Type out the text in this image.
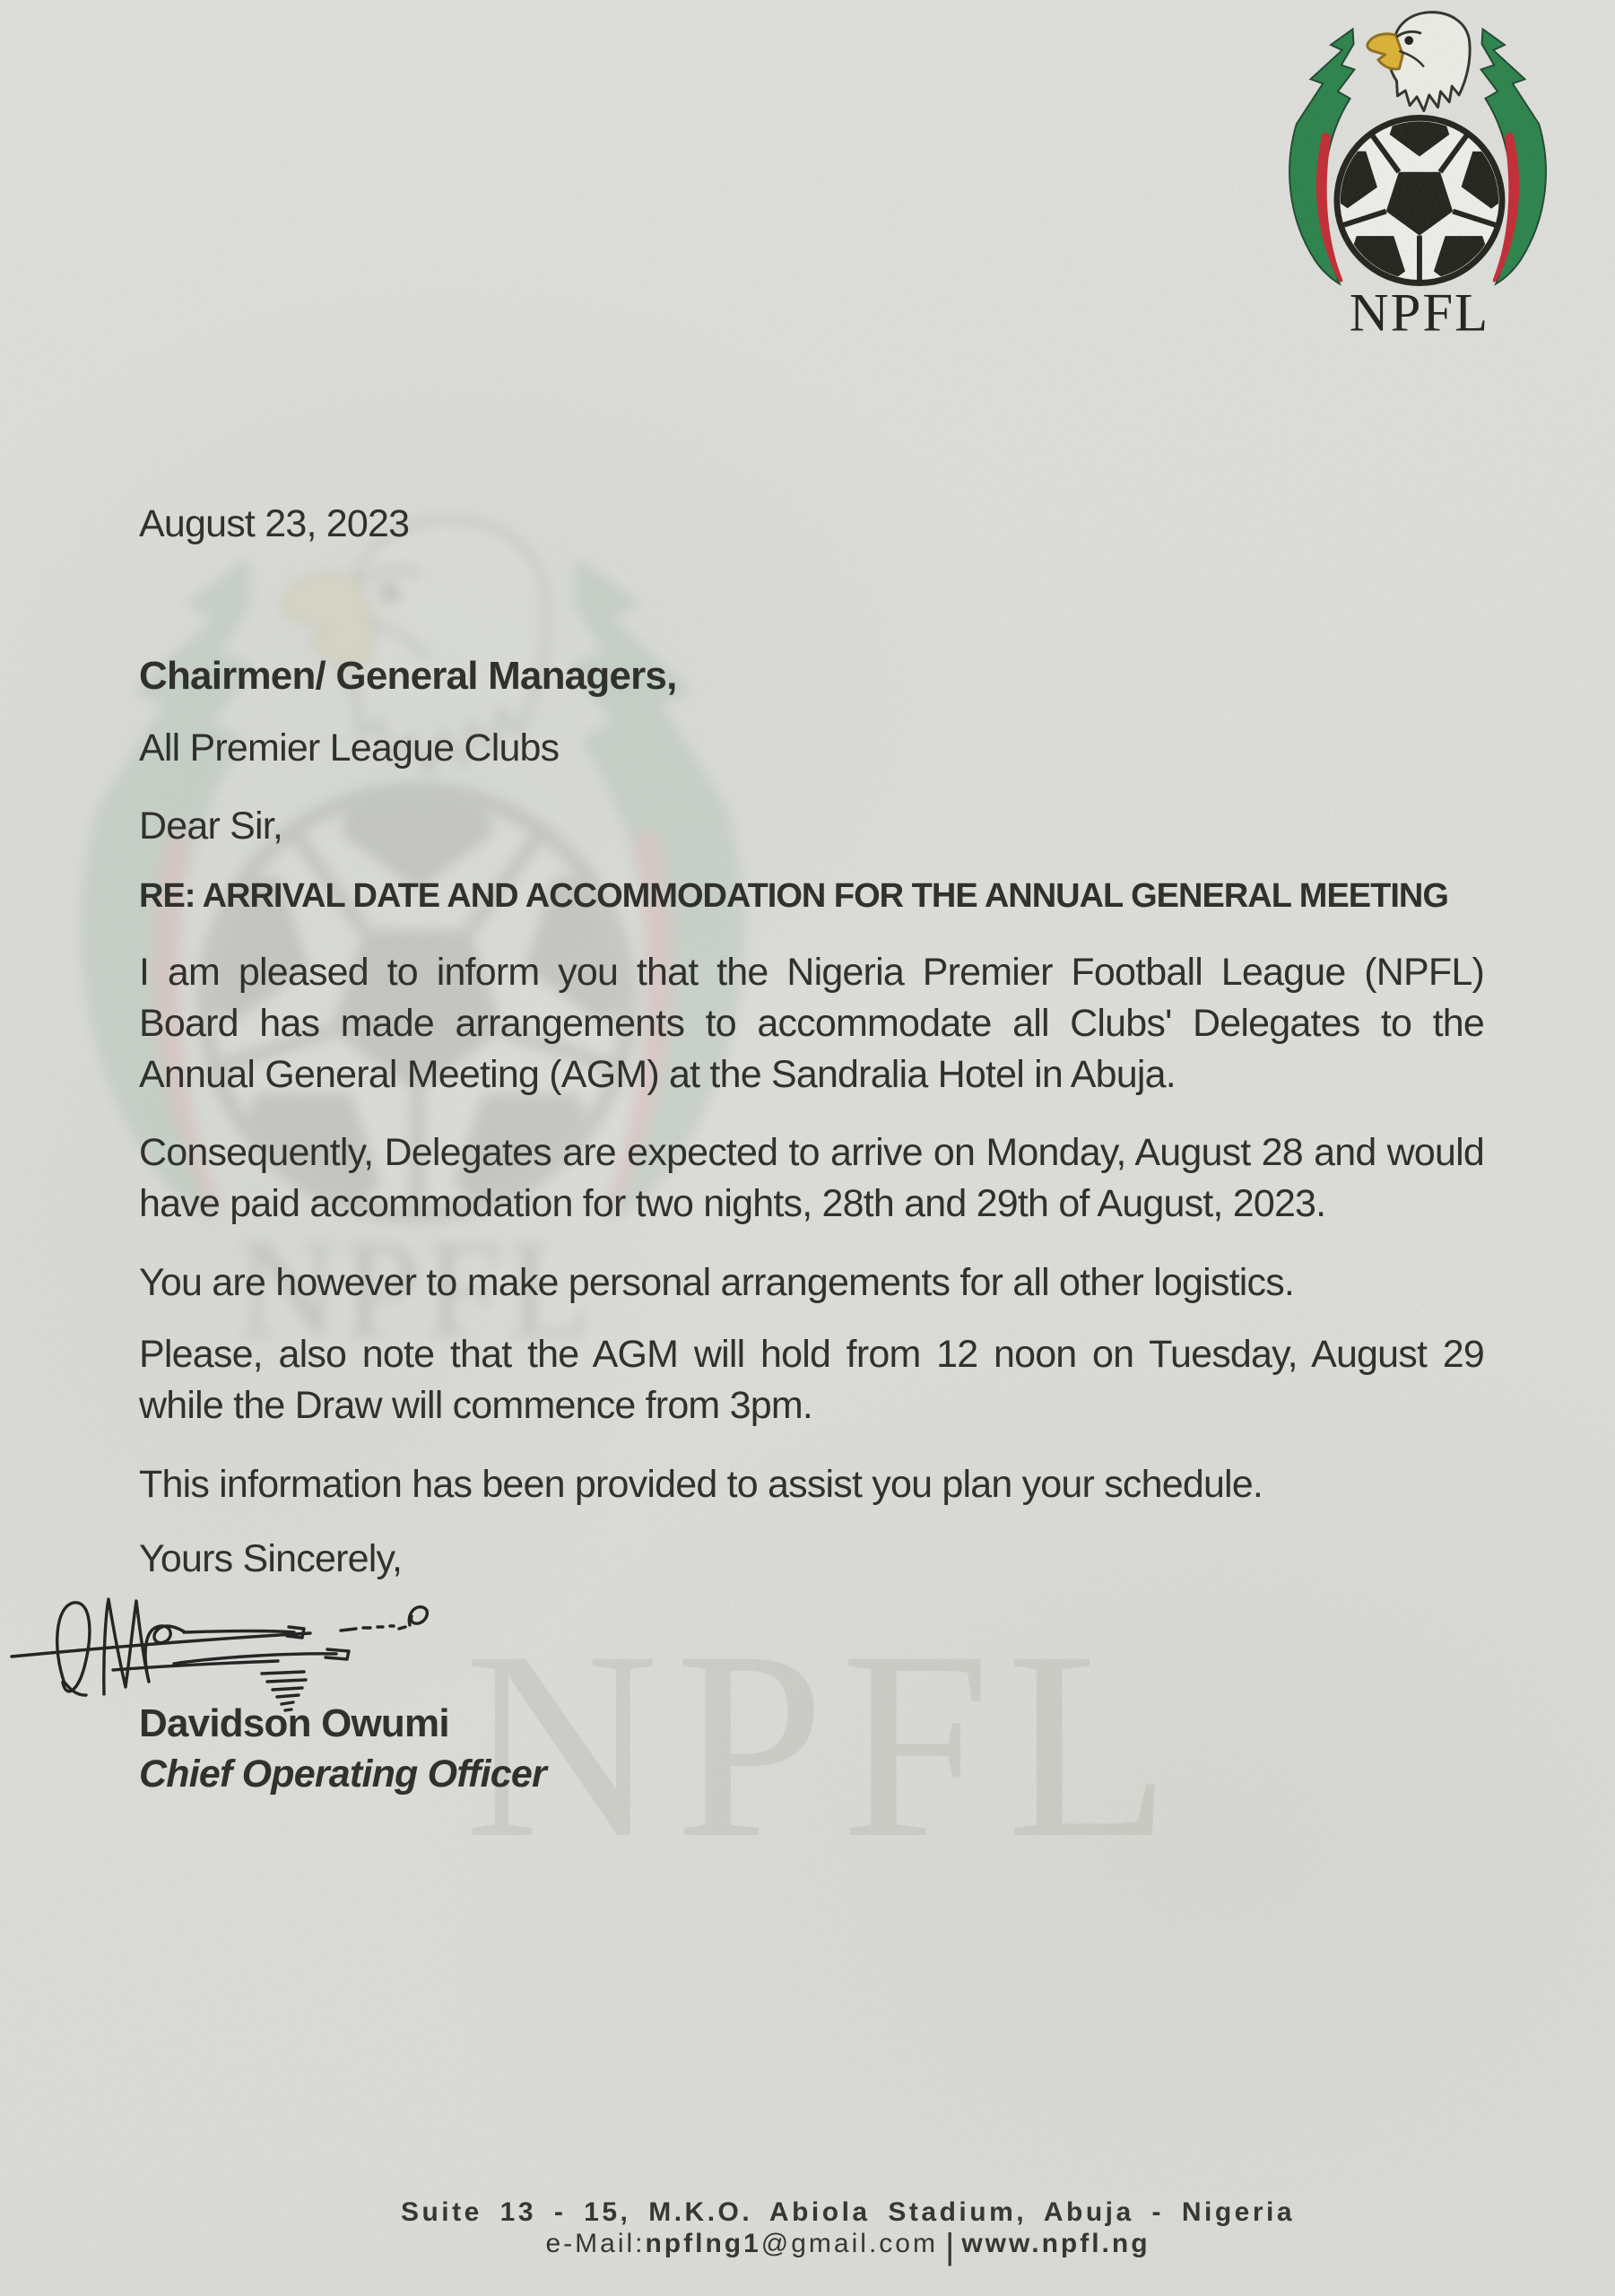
NPFL

August 23, 2023

Chairmen/ General Managers,

All Premier League Clubs

Dear Sir,

RE: ARRIVAL DATE AND ACCOMMODATION FOR THE ANNUAL GENERAL MEETING

I am pleased to inform you that the Nigeria Premier Football League (NPFL) Board has made arrangements to accommodate all Clubs' Delegates to the Annual General Meeting (AGM) at the Sandralia Hotel in Abuja.

Consequently, Delegates are expected to arrive on Monday, August 28 and would have paid accommodation for two nights, 28th and 29th of August, 2023.

You are however to make personal arrangements for all other logistics.

Please, also note that the AGM will hold from 12 noon on Tuesday, August 29 while the Draw will commence from 3pm.

This information has been provided to assist you plan your schedule.

Yours Sincerely,

Davidson Owumi

Chief Operating Officer

Suite 13 - 15, M.K.O. Abiola Stadium, Abuja - Nigeria
e-Mail:npflng1@gmail.com | www.npfl.ng
